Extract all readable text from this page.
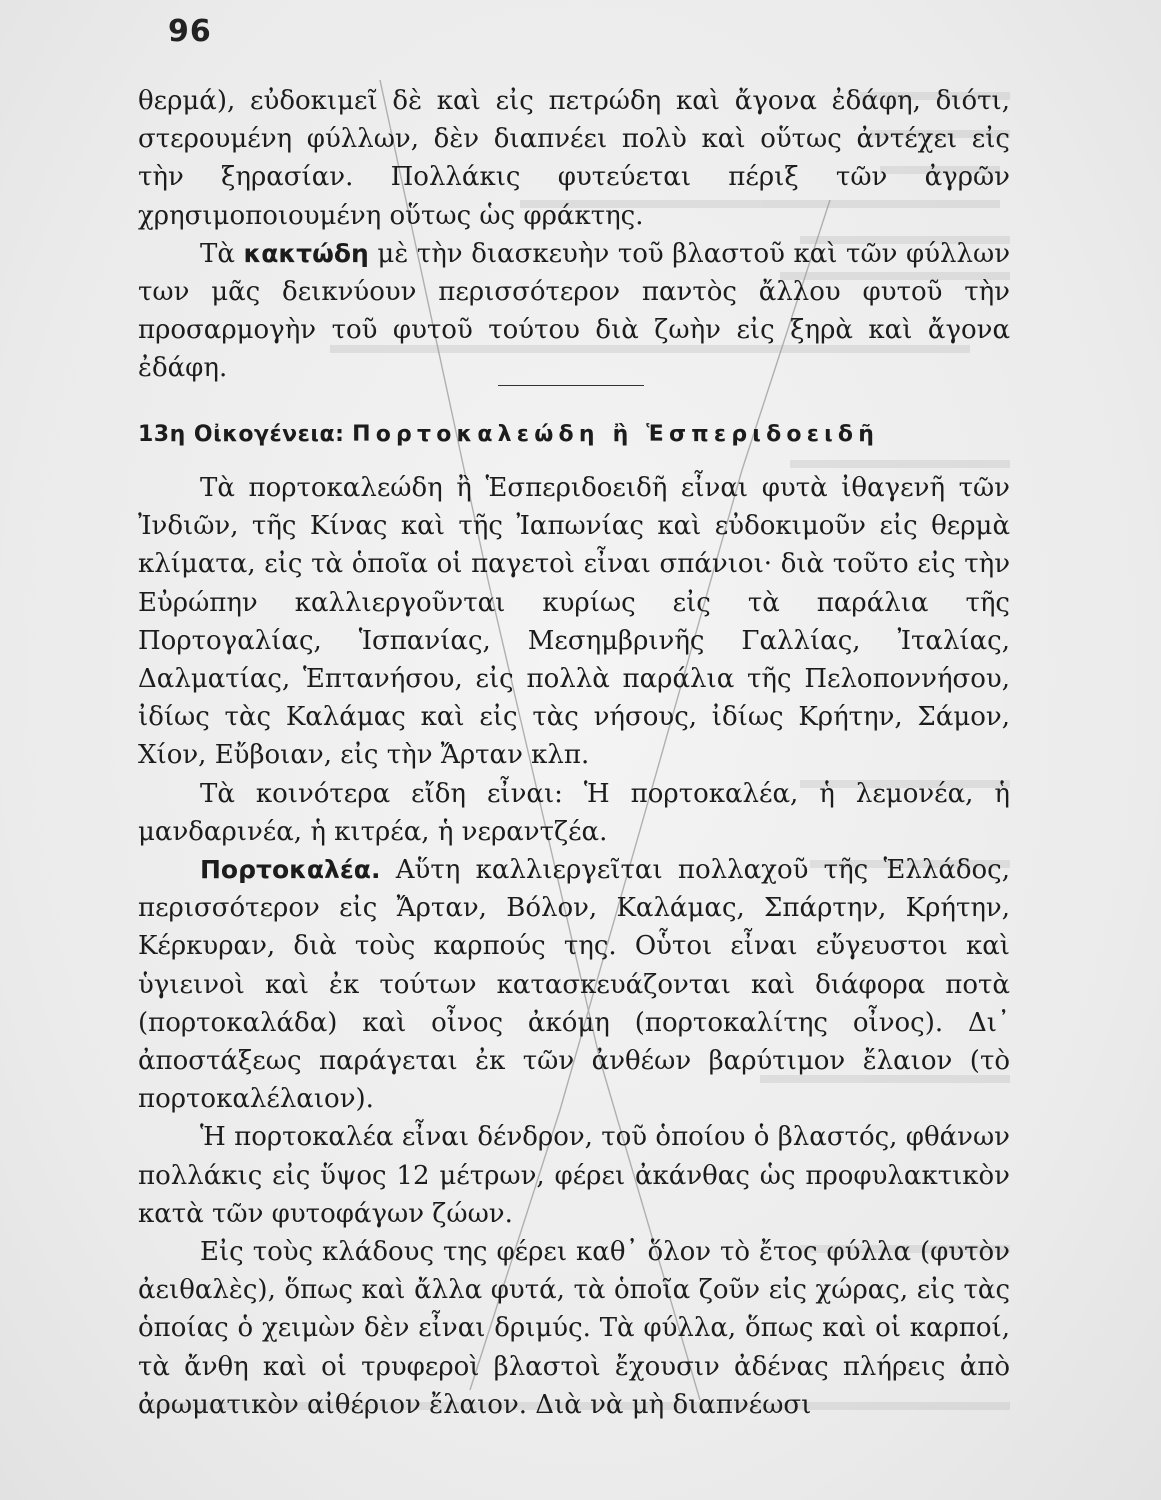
96

θερμά), εὐδοκιμεῖ δὲ καὶ εἰς πετρώδη καὶ ἄγονα ἐδάφη, διότι, στερουμένη φύλλων, δὲν διαπνέει πολὺ καὶ οὕτως ἀντέχει εἰς τὴν ξηρασίαν. Πολλάκις φυτεύεται πέριξ τῶν ἀγρῶν χρησιμοποιουμένη οὕτως ὡς φράκτης.

Τὰ κακτώδη μὲ τὴν διασκευὴν τοῦ βλαστοῦ καὶ τῶν φύλλων των μᾶς δεικνύουν περισσότερον παντὸς ἄλλου φυτοῦ τὴν προσαρμογὴν τοῦ φυτοῦ τούτου διὰ ζωὴν εἰς ξηρὰ καὶ ἄγονα ἐδάφη.

13η Οἰκογένεια: Πορτοκαλεώδη ἢ Ἑσπεριδοειδῆ

Τὰ πορτοκαλεώδη ἢ Ἑσπεριδοειδῆ εἶναι φυτὰ ἰθαγενῆ τῶν Ἰνδιῶν, τῆς Κίνας καὶ τῆς Ἰαπωνίας καὶ εὐδοκιμοῦν εἰς θερμὰ κλίματα, εἰς τὰ ὁποῖα οἱ παγετοὶ εἶναι σπάνιοι· διὰ τοῦτο εἰς τὴν Εὐρώπην καλλιεργοῦνται κυρίως εἰς τὰ παράλια τῆς Πορτογαλίας, Ἱσπανίας, Μεσημβρινῆς Γαλλίας, Ἰταλίας, Δαλματίας, Ἑπτανήσου, εἰς πολλὰ παράλια τῆς Πελοποννήσου, ἰδίως τὰς Καλάμας καὶ εἰς τὰς νήσους, ἰδίως Κρήτην, Σάμον, Χίον, Εὔβοιαν, εἰς τὴν Ἄρταν κλπ.

Τὰ κοινότερα εἴδη εἶναι: Ἡ πορτοκαλέα, ἡ λεμονέα, ἡ μανδαρινέα, ἡ κιτρέα, ἡ νεραντζέα.

Πορτοκαλέα. Αὕτη καλλιεργεῖται πολλαχοῦ τῆς Ἑλλάδος, περισσότερον εἰς Ἄρταν, Βόλον, Καλάμας, Σπάρτην, Κρήτην, Κέρκυραν, διὰ τοὺς καρπούς της. Οὗτοι εἶναι εὔγευστοι καὶ ὑγιεινοὶ καὶ ἐκ τούτων κατασκευάζονται καὶ διάφορα ποτὰ (πορτοκαλάδα) καὶ οἶνος ἀκόμη (πορτοκαλίτης οἶνος). Δι᾽ ἀποστάξεως παράγεται ἐκ τῶν ἀνθέων βαρύτιμον ἔλαιον (τὸ πορτοκαλέλαιον).

Ἡ πορτοκαλέα εἶναι δένδρον, τοῦ ὁποίου ὁ βλαστός, φθάνων πολλάκις εἰς ὕψος 12 μέτρων, φέρει ἀκάνθας ὡς προφυλακτικὸν κατὰ τῶν φυτοφάγων ζώων.

Εἰς τοὺς κλάδους της φέρει καθ᾽ ὅλον τὸ ἔτος φύλλα (φυτὸν ἀειθαλὲς), ὅπως καὶ ἄλλα φυτά, τὰ ὁποῖα ζοῦν εἰς χώρας, εἰς τὰς ὁποίας ὁ χειμὼν δὲν εἶναι δριμύς. Τὰ φύλλα, ὅπως καὶ οἱ καρποί, τὰ ἄνθη καὶ οἱ τρυφεροὶ βλαστοὶ ἔχουσιν ἀδένας πλήρεις ἀπὸ ἀρωματικὸν αἰθέριον ἔλαιον. Διὰ νὰ μὴ διαπνέωσι
